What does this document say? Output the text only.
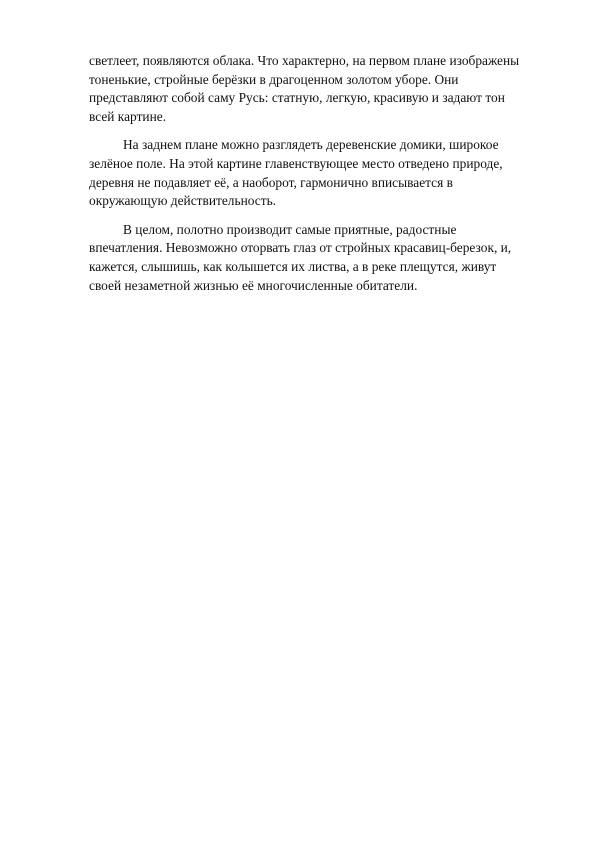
светлеет, появляются облака. Что характерно, на первом плане изображены
тоненькие, стройные берёзки в драгоценном золотом уборе. Они
представляют собой саму Русь: статную, легкую, красивую и задают тон
всей картине.
На заднем плане можно разглядеть деревенские домики, широкое
зелёное поле. На этой картине главенствующее место отведено природе,
деревня не подавляет её, а наоборот, гармонично вписывается в
окружающую действительность.
В целом, полотно производит самые приятные, радостные
впечатления. Невозможно оторвать глаз от стройных красавиц-березок, и,
кажется, слышишь, как колышется их листва, а в реке плещутся, живут
своей незаметной жизнью её многочисленные обитатели.
